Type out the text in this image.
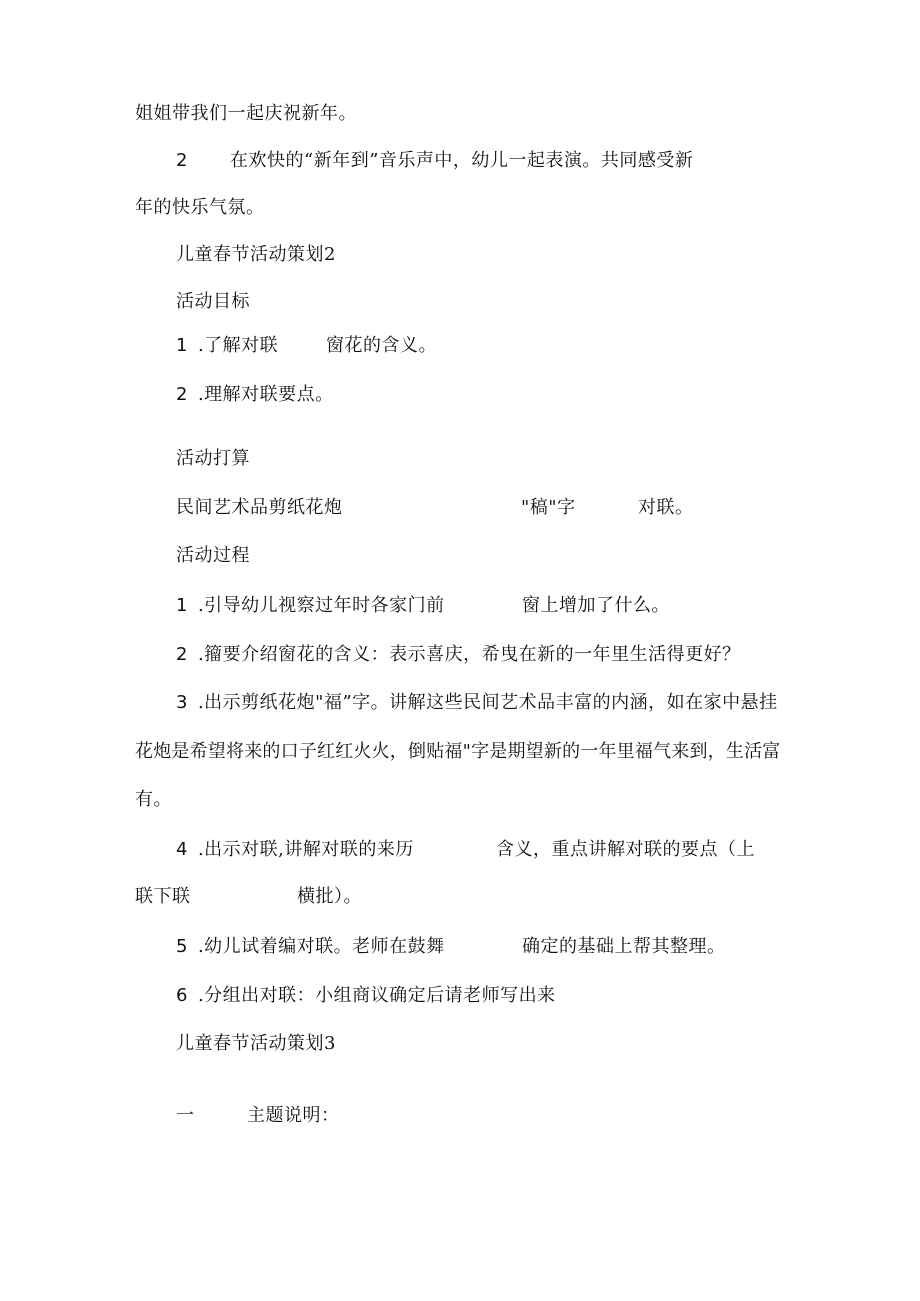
姐姐带我们一起庆祝新年。
2	在欢快的“新年到”音乐声中，幼儿一起表演。共同感受新
年的快乐气氛。
儿童春节活动策划2
活动目标
1 .了解对联	窗花的含义。
2 .理解对联要点。
活动打算
民间艺术品剪纸花炮	"稿"字	对联。
活动过程
1 .引导幼儿视察过年时各家门前	窗上增加了什么。
2 .籀要介绍窗花的含义：表示喜庆，希曳在新的一年里生活得更好？
3 .出示剪纸花炮"福”字。讲解这些民间艺术品丰富的内涵，如在家中悬挂
花炮是希望将来的口子红红火火，倒贴福"字是期望新的一年里福气来到，生活富
有。
4 .出示对联,讲解对联的来历	含义，重点讲解对联的要点（上
联下联	横批）。
5 .幼儿试着编对联。老师在鼓舞	确定的基础上帮其整理。
6 .分组出对联：小组商议确定后请老师写出来
儿童春节活动策划3
一	主题说明：
